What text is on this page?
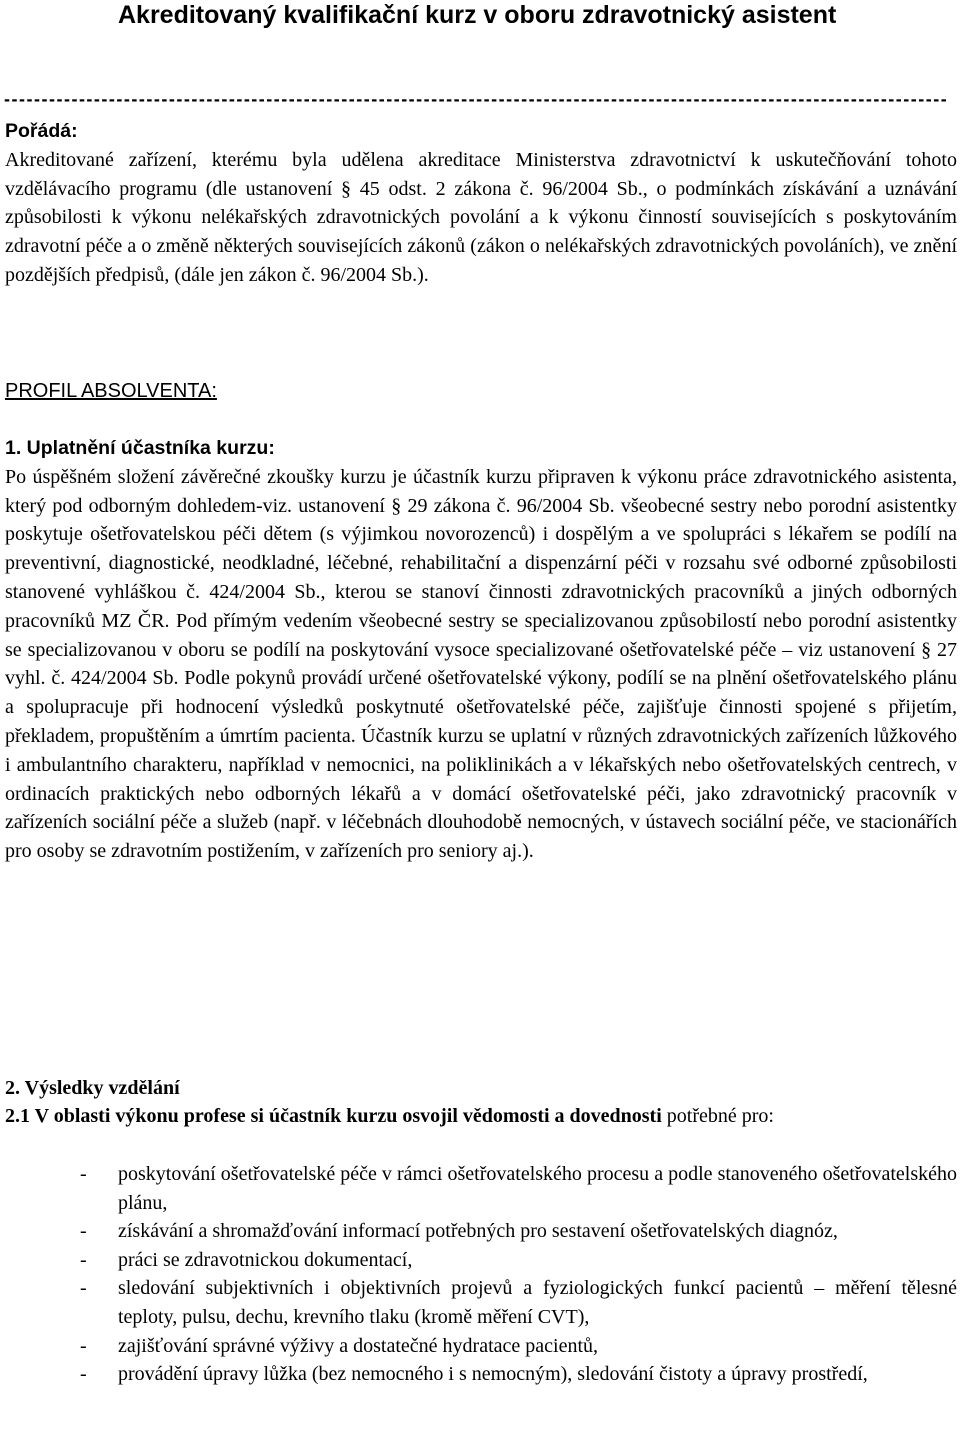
Akreditovaný kvalifikační kurz v oboru zdravotnický asistent
------------------------------------------------------------------------------------------------------------------------------
Pořádá:
Akreditované zařízení, kterému byla udělena akreditace Ministerstva zdravotnictví k uskutečňování tohoto vzdělávacího programu (dle ustanovení § 45 odst. 2 zákona č. 96/2004 Sb., o podmínkách získávání a uznávání způsobilosti k výkonu nelékařských zdravotnických povolání a k výkonu činností souvisejících s poskytováním zdravotní péče a o změně některých souvisejících zákonů (zákon o nelékařských zdravotnických povoláních), ve znění pozdějších předpisů, (dále jen zákon č. 96/2004 Sb.).
PROFIL ABSOLVENTA:
1. Uplatnění účastníka kurzu:
Po úspěšném složení závěrečné zkoušky kurzu je účastník kurzu připraven k výkonu práce zdravotnického asistenta, který pod odborným dohledem-viz. ustanovení § 29 zákona č. 96/2004 Sb. všeobecné sestry nebo porodní asistentky poskytuje ošetřovatelskou péči dětem (s výjimkou novorozenců) i dospělým a ve spolupráci s lékařem se podílí na preventivní, diagnostické, neodkladné, léčebné, rehabilitační a dispenzární péči v rozsahu své odborné způsobilosti stanovené vyhláškou č. 424/2004 Sb., kterou se stanoví činnosti zdravotnických pracovníků a jiných odborných pracovníků MZ ČR. Pod přímým vedením všeobecné sestry se specializovanou způsobilostí nebo porodní asistentky se specializovanou v oboru se podílí na poskytování vysoce specializované ošetřovatelské péče – viz ustanovení § 27 vyhl. č. 424/2004 Sb. Podle pokynů provádí určené ošetřovatelské výkony, podílí se na plnění ošetřovatelského plánu a spolupracuje při hodnocení výsledků poskytnuté ošetřovatelské péče, zajišťuje činnosti spojené s přijetím, překladem, propuštěním a úmrtím pacienta. Účastník kurzu se uplatní v různých zdravotnických zařízeních lůžkového i ambulantního charakteru, například v nemocnici, na poliklinikách a v lékařských nebo ošetřovatelských centrech, v ordinacích praktických nebo odborných lékařů a v domácí ošetřovatelské péči, jako zdravotnický pracovník v zařízeních sociální péče a služeb (např. v léčebnách dlouhodobě nemocných, v ústavech sociální péče, ve stacionářích pro osoby se zdravotním postižením, v zařízeních pro seniory aj.).
2. Výsledky vzdělání
2.1 V oblasti výkonu profese si účastník kurzu osvojil vědomosti a dovednosti potřebné pro:
- poskytování ošetřovatelské péče v rámci ošetřovatelského procesu a podle stanoveného ošetřovatelského plánu,
- získávání a shromažďování informací potřebných pro sestavení ošetřovatelských diagnóz,
- práci se zdravotnickou dokumentací,
- sledování subjektivních i objektivních projevů a fyziologických funkcí pacientů – měření tělesné teploty, pulsu, dechu, krevního tlaku (kromě měření CVT),
- zajišťování správné výživy a dostatečné hydratace pacientů,
- provádění úpravy lůžka (bez nemocného i s nemocným), sledování čistoty a úpravy prostředí,
